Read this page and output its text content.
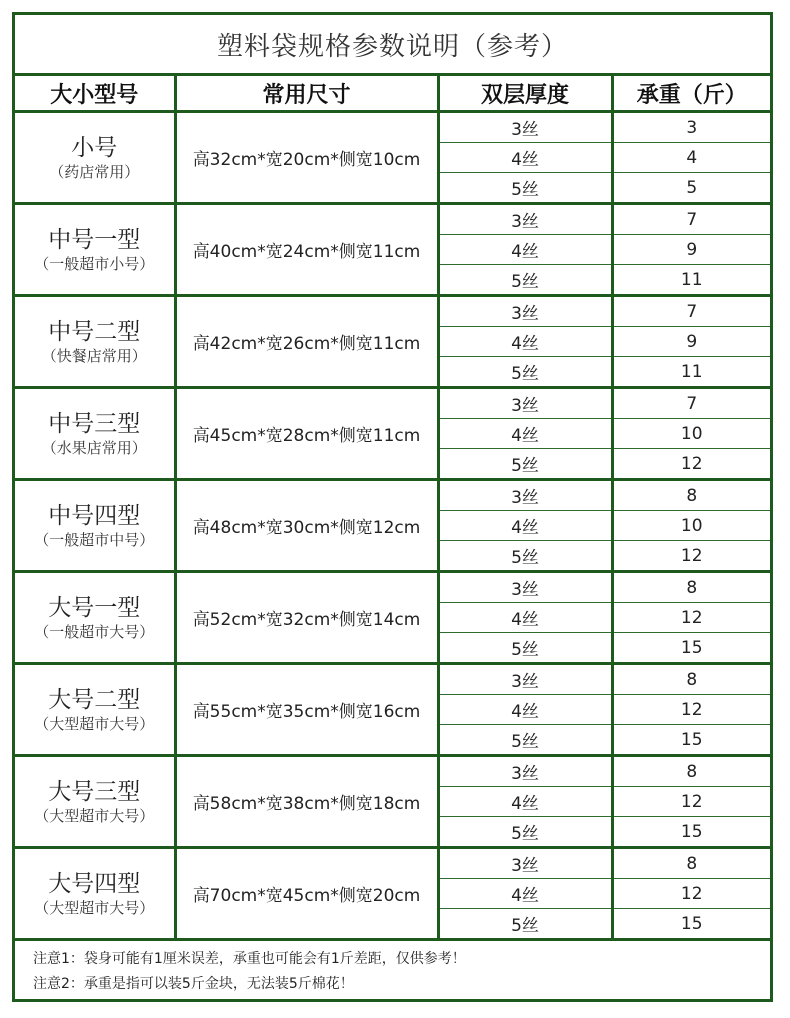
塑料袋规格参数说明（参考）
大小型号	常用尺寸	双层厚度	承重（斤）

小号
（药店常用）	高32cm*宽20cm*侧宽10cm	3丝	3
		4丝	4
		5丝	5

中号一型
（一般超市小号）	高40cm*宽24cm*侧宽11cm	3丝	7
		4丝	9
		5丝	11

中号二型
（快餐店常用）	高42cm*宽26cm*侧宽11cm	3丝	7
		4丝	9
		5丝	11

中号三型
（水果店常用）	高45cm*宽28cm*侧宽11cm	3丝	7
		4丝	10
		5丝	12

中号四型
（一般超市中号）	高48cm*宽30cm*侧宽12cm	3丝	8
		4丝	10
		5丝	12

大号一型
（一般超市大号）	高52cm*宽32cm*侧宽14cm	3丝	8
		4丝	12
		5丝	15

大号二型
（大型超市大号）	高55cm*宽35cm*侧宽16cm	3丝	8
		4丝	12
		5丝	15

大号三型
（大型超市大号）	高58cm*宽38cm*侧宽18cm	3丝	8
		4丝	12
		5丝	15

大号四型
（大型超市大号）	高70cm*宽45cm*侧宽20cm	3丝	8
		4丝	12
		5丝	15
注意1：袋身可能有1厘米误差，承重也可能会有1斤差距，仅供参考！
注意2：承重是指可以装5斤金块，无法装5斤棉花！
